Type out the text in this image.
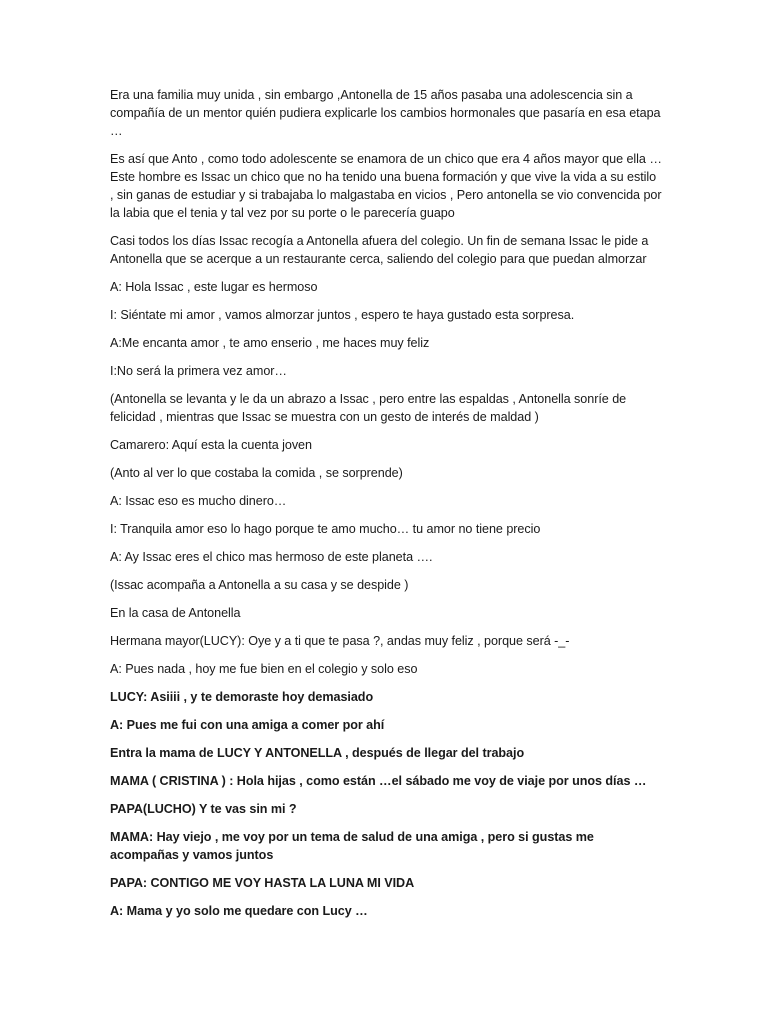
Era una familia muy unida , sin embargo ,Antonella de 15 años pasaba una adolescencia sin a compañía de un mentor quién pudiera explicarle los cambios hormonales que pasaría en esa etapa …

Es así que Anto , como todo adolescente se enamora de un chico que era 4 años mayor que ella … Este hombre es Issac un chico que no ha tenido una buena formación y que vive la vida a su estilo , sin ganas de estudiar y si trabajaba lo malgastaba en vicios , Pero antonella se vio convencida por la labia que el tenia y tal vez por su porte o le parecería guapo

Casi todos los días Issac recogía a Antonella afuera del colegio. Un fin de semana Issac le pide a Antonella que se acerque a un restaurante cerca, saliendo del colegio para que puedan almorzar

A: Hola Issac , este lugar es hermoso

I: Siéntate mi amor , vamos almorzar juntos , espero te haya gustado esta sorpresa.

A:Me encanta amor , te amo enserio , me haces muy feliz

I:No será la primera vez amor…

(Antonella se levanta y le da un abrazo a Issac , pero entre las espaldas , Antonella sonríe de felicidad , mientras que Issac se muestra con un gesto de interés de maldad )

Camarero: Aquí esta la cuenta joven

(Anto al ver lo que costaba la comida , se sorprende)

A: Issac eso es mucho dinero…

I: Tranquila amor eso lo hago porque te amo mucho… tu amor no tiene precio

A: Ay Issac eres el chico mas hermoso de este planeta ….

(Issac acompaña a Antonella a su casa y se despide )

En la casa de Antonella

Hermana mayor(LUCY): Oye y a ti que te pasa ?, andas muy feliz , porque será -_-

A: Pues nada , hoy me fue bien en el colegio y solo eso

LUCY: Asiiii , y te demoraste hoy demasiado

A: Pues me fui con una amiga a comer por ahí

Entra la mama de LUCY Y ANTONELLA , después de llegar del trabajo

MAMA ( CRISTINA ) : Hola hijas , como están …el sábado me voy de viaje por unos días …

PAPA(LUCHO) Y te vas sin mi ?

MAMA: Hay viejo , me voy por un tema de salud de una amiga , pero si gustas me acompañas y vamos juntos

PAPA: CONTIGO ME VOY HASTA LA LUNA MI VIDA

A: Mama y yo solo me quedare con Lucy …
